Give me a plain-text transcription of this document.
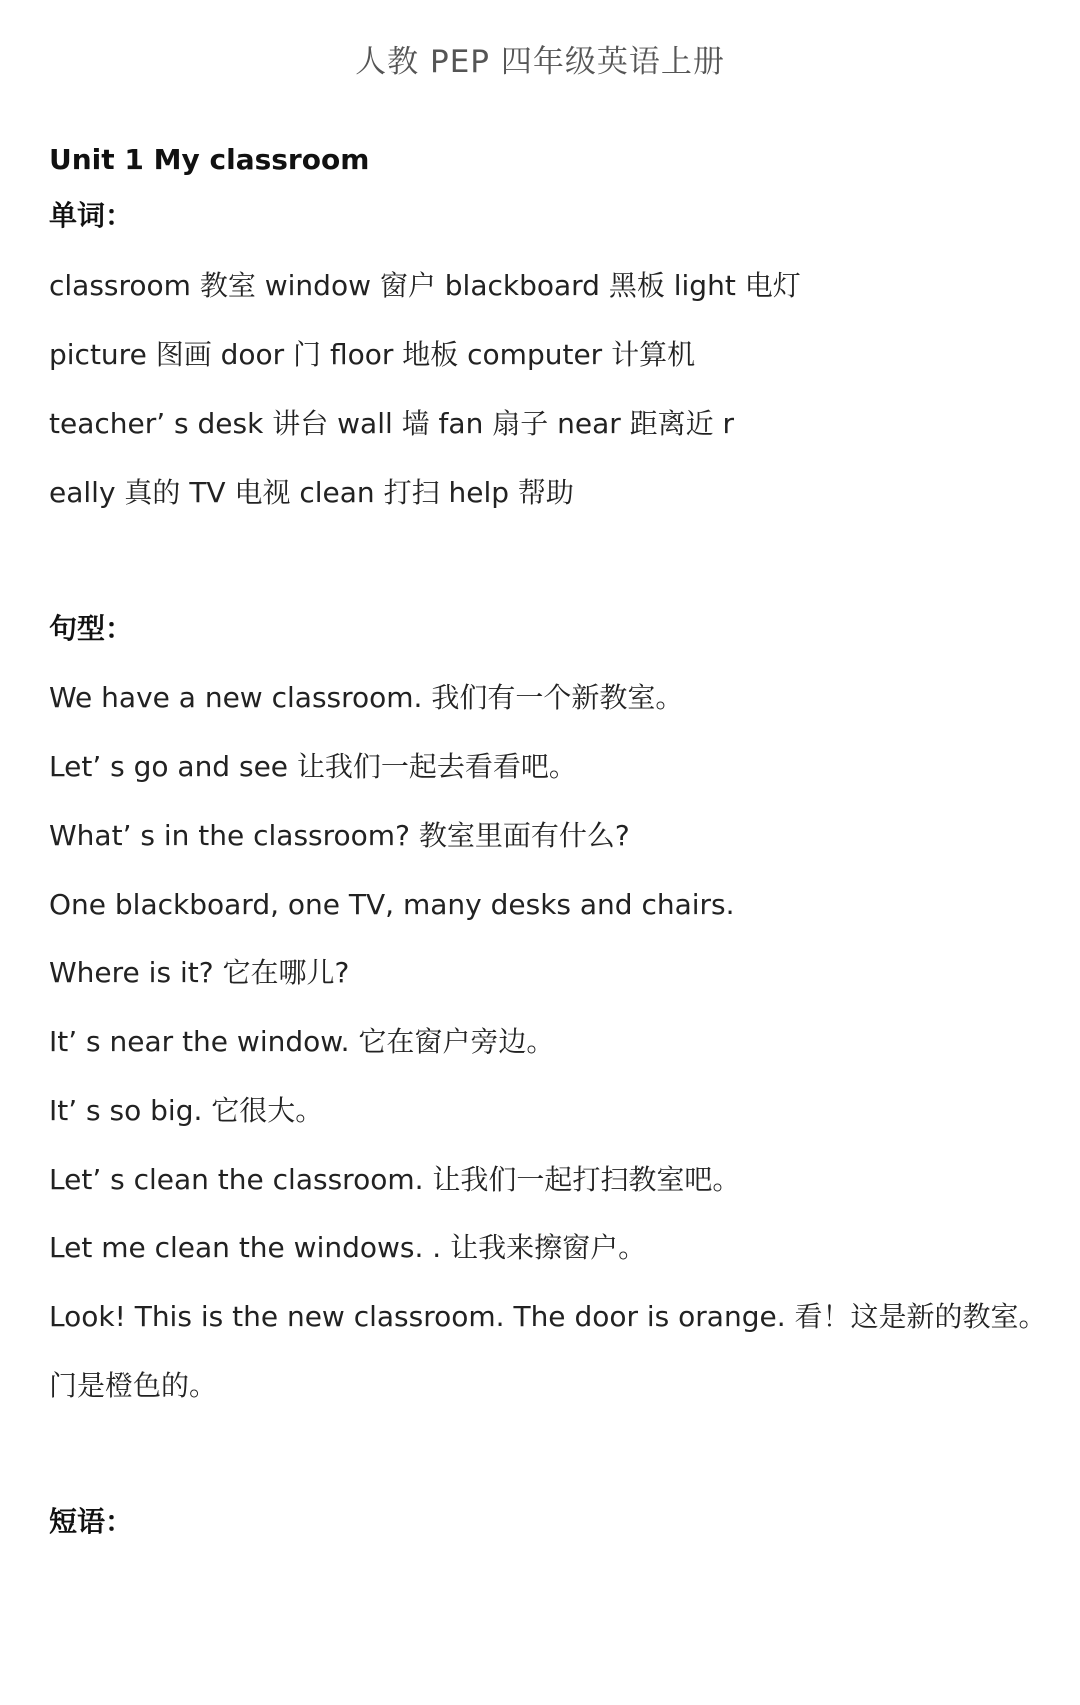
人教 PEP 四年级英语上册
Unit 1 My classroom
单词：
classroom 教室 window 窗户 blackboard 黑板 light 电灯
picture 图画 door 门 floor 地板 computer 计算机
teacher’ s desk 讲台 wall 墙 fan 扇子 near 距离近 r
eally 真的 TV 电视 clean 打扫 help 帮助
句型：
We have a new classroom. 我们有一个新教室。
Let’ s go and see 让我们一起去看看吧。
What’ s in the classroom? 教室里面有什么?
One blackboard, one TV, many desks and chairs.
Where is it? 它在哪儿?
It’ s near the window. 它在窗户旁边。
It’ s so big. 它很大。
Let’ s clean the classroom. 让我们一起打扫教室吧。
Let me clean the windows. . 让我来擦窗户。
Look! This is the new classroom. The door is orange. 看！这是新的教室。
门是橙色的。
短语：
